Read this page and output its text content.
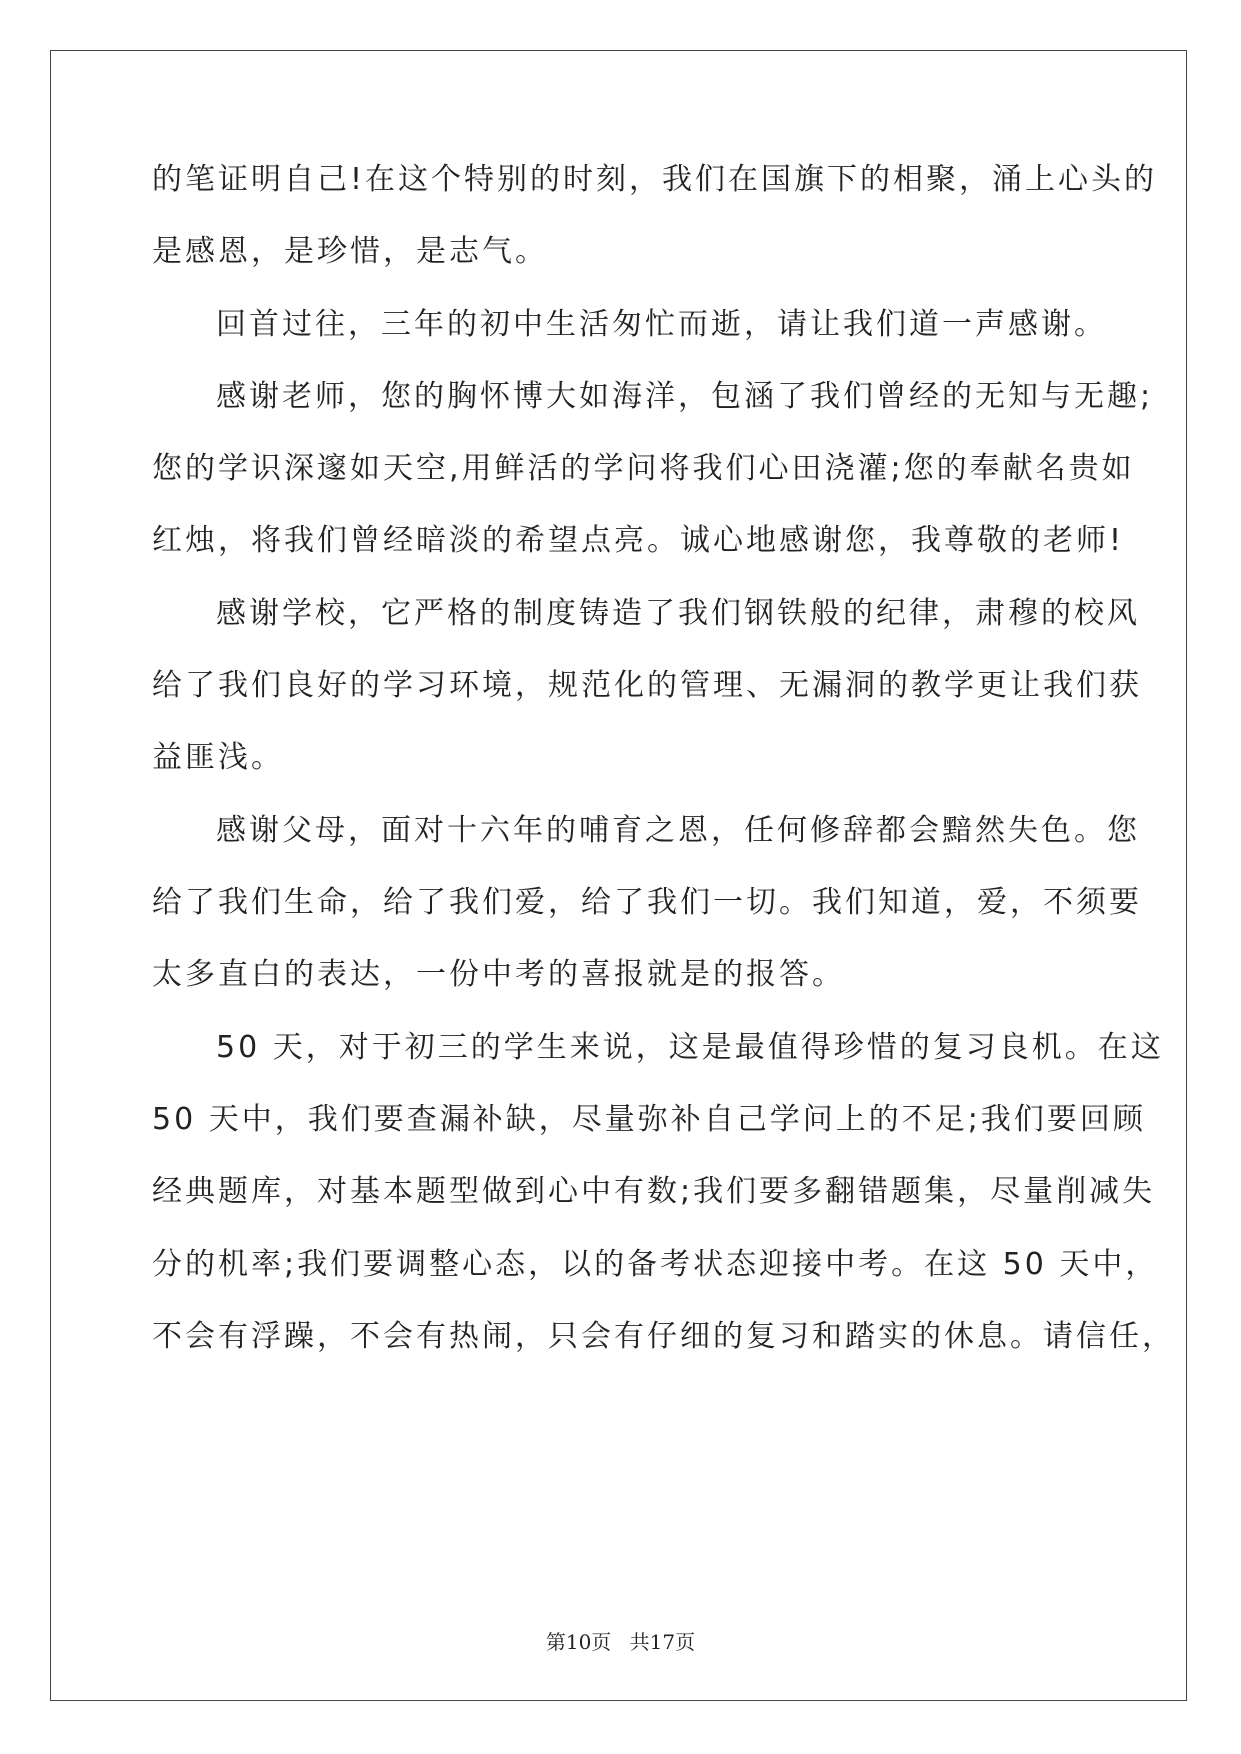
的笔证明自己!在这个特别的时刻，我们在国旗下的相聚，涌上心头的
是感恩，是珍惜，是志气。
回首过往，三年的初中生活匆忙而逝，请让我们道一声感谢。
感谢老师，您的胸怀博大如海洋，包涵了我们曾经的无知与无趣;
您的学识深邃如天空,用鲜活的学问将我们心田浇灌;您的奉献名贵如
红烛，将我们曾经暗淡的希望点亮。诚心地感谢您，我尊敬的老师!
感谢学校，它严格的制度铸造了我们钢铁般的纪律，肃穆的校风
给了我们良好的学习环境，规范化的管理、无漏洞的教学更让我们获
益匪浅。
感谢父母，面对十六年的哺育之恩，任何修辞都会黯然失色。您
给了我们生命，给了我们爱，给了我们一切。我们知道，爱，不须要
太多直白的表达，一份中考的喜报就是的报答。
50 天，对于初三的学生来说，这是最值得珍惜的复习良机。在这
50 天中，我们要查漏补缺，尽量弥补自己学问上的不足;我们要回顾
经典题库，对基本题型做到心中有数;我们要多翻错题集，尽量削减失
分的机率;我们要调整心态，以的备考状态迎接中考。在这 50 天中，
不会有浮躁，不会有热闹，只会有仔细的复习和踏实的休息。请信任，
第10页 共17页
